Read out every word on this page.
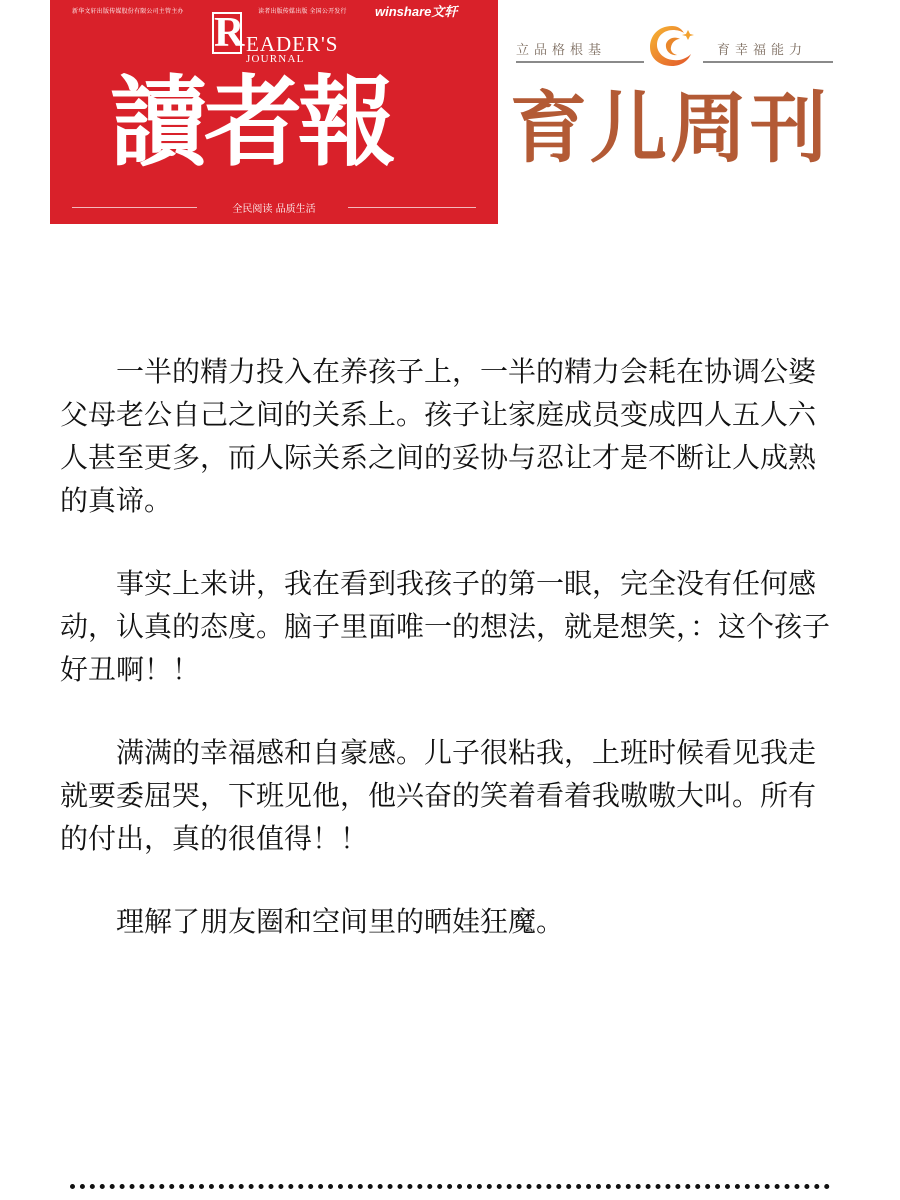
新华文轩出版传媒股份有限公司主管主办	读者出版传媒出版 全国公开发行 winshare文轩
R EADER'S
JOURNAL
讀者報
全民阅读 品质生活
立品格根基	育幸福能力
育儿周刊

一半的精力投入在养孩子上，一半的精力会耗在协调公婆父母老公自己之间的关系上。孩子让家庭成员变成四人五人六人甚至更多，而人际关系之间的妥协与忍让才是不断让人成熟的真谛。

事实上来讲，我在看到我孩子的第一眼，完全没有任何感动，认真的态度。脑子里面唯一的想法，就是想笑，：这个孩子好丑啊！！

满满的幸福感和自豪感。儿子很粘我，上班时候看见我走就要委屈哭，下班见他，他兴奋的笑着看着我嗷嗷大叫。所有的付出，真的很值得！！

理解了朋友圈和空间里的晒娃狂魔。
